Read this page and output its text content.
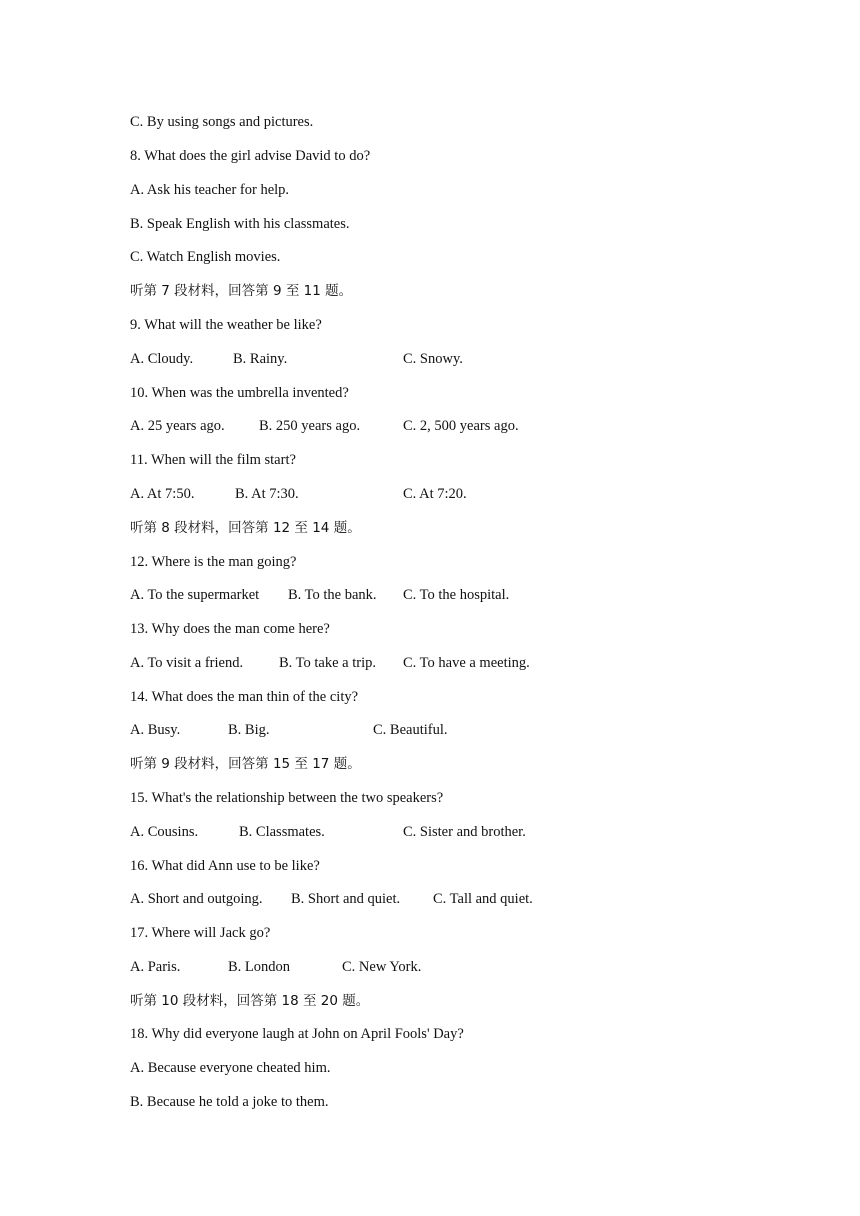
C. By using songs and pictures.
8. What does the girl advise David to do?
A. Ask his teacher for help.
B. Speak English with his classmates.
C. Watch English movies.
听第 7 段材料，回答第 9 至 11 题。
9. What will the weather be like?

A. Cloudy.

	B. Rainy.

	C. Snowy.

10. When was the umbrella invented?

A. 25 years ago.

B. 250 years ago.

	C. 2, 500 years ago.

11. When will the film start?

A. At 7:50.

	B. At 7:30.

	C. At 7:20.

听第 8 段材料，回答第 12 至 14 题。
12. Where is the man going?

A. To the supermarket

B. To the bank.

C. To the hospital.

13. Why does the man come here?

A. To visit a friend.

B. To take a trip.

C. To have a meeting.

14. What does the man thin of the city?

A. Busy.

	B. Big.

	C. Beautiful.

听第 9 段材料，回答第 15 至 17 题。
15. What's the relationship between the two speakers?

A. Cousins.

	B. Classmates.

	C. Sister and brother.

16. What did Ann use to be like?

A. Short and outgoing.

B. Short and quiet.

C. Tall and quiet.

17. Where will Jack go?

A. Paris.

	B. London

	C. New York.

听第 10 段材料，回答第 18 至 20 题。
18. Why did everyone laugh at John on April Fools' Day?
A. Because everyone cheated him.
B. Because he told a joke to them.
